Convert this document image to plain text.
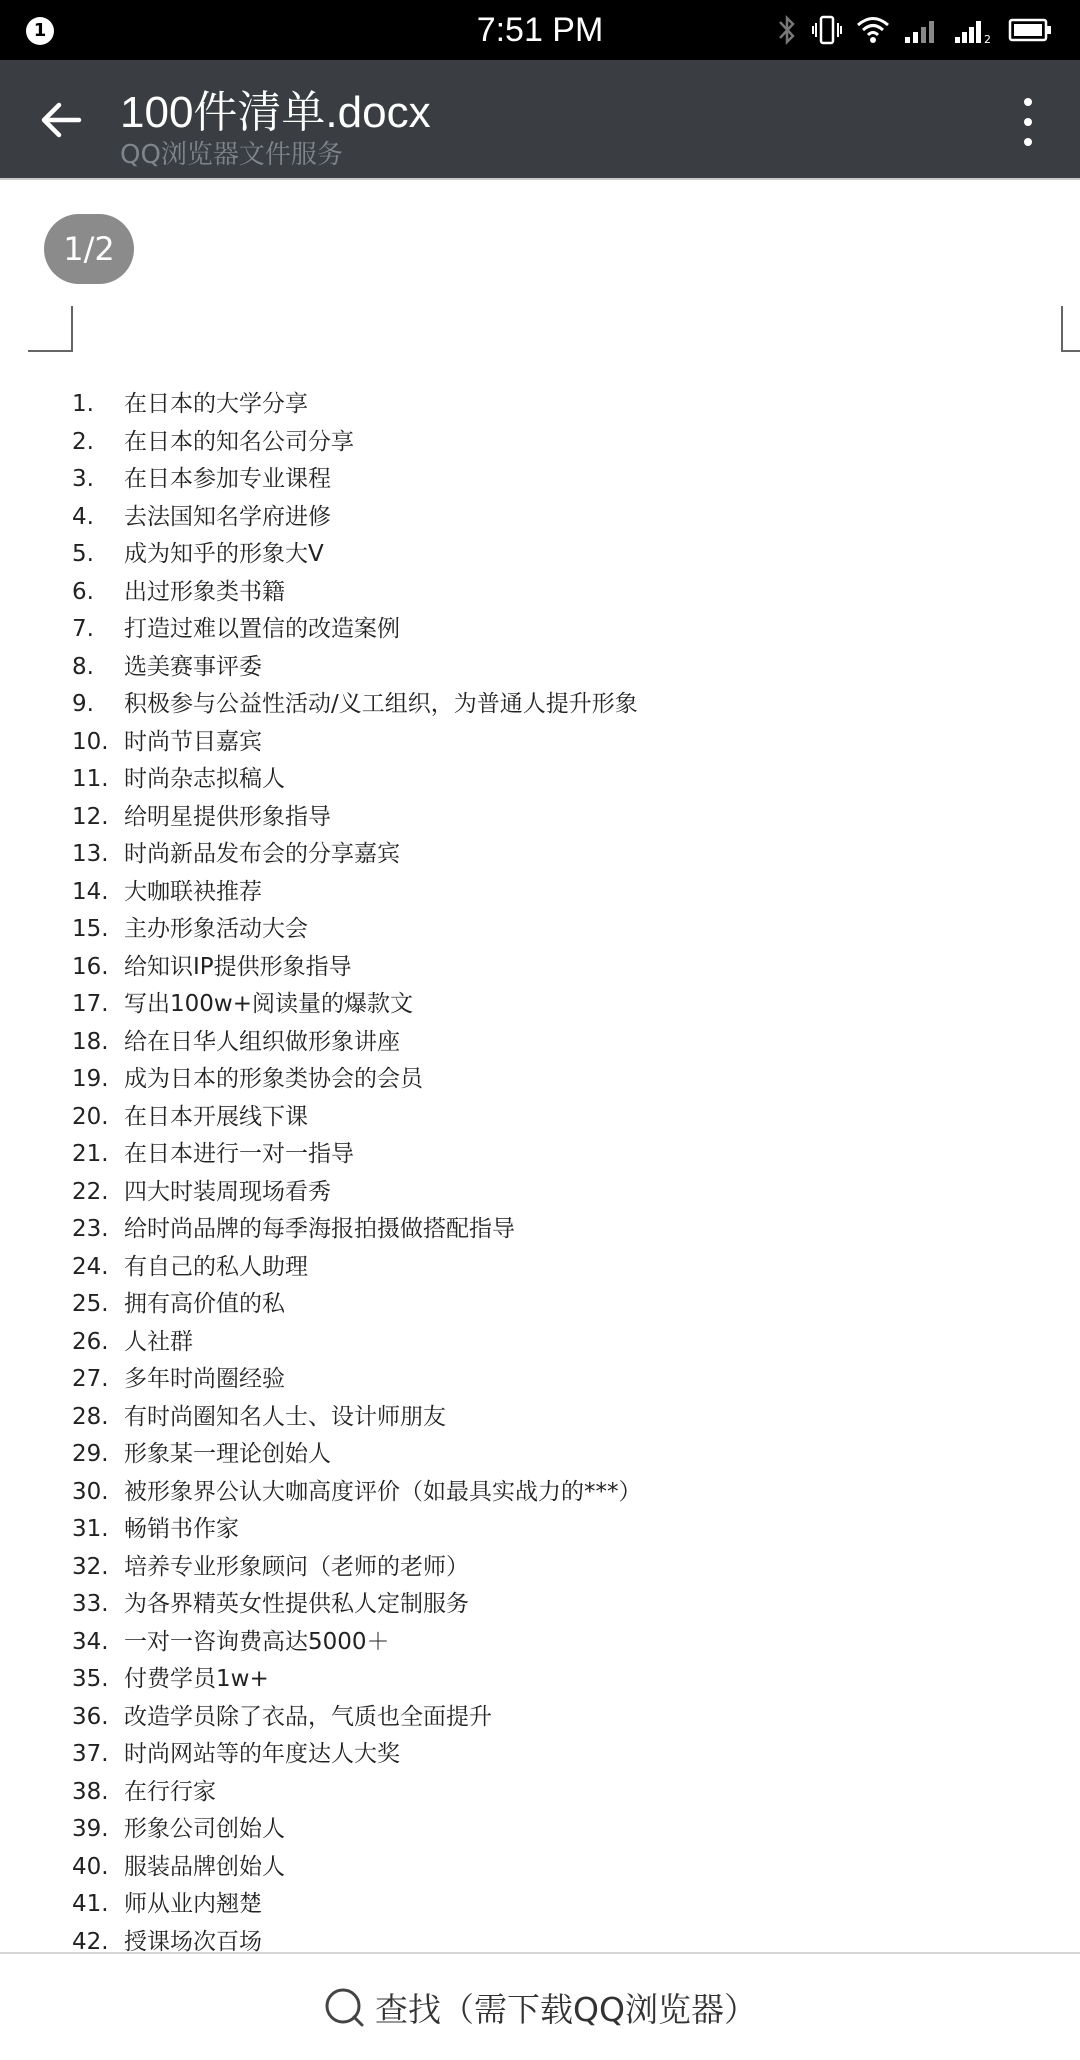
1	7:51 PM	2
100件清单.docx
QQ浏览器文件服务
1/2
1.	在日本的大学分享
2.	在日本的知名公司分享
3.	在日本参加专业课程
4.	去法国知名学府进修
5.	成为知乎的形象大V
6.	出过形象类书籍
7.	打造过难以置信的改造案例
8.	选美赛事评委
9.	积极参与公益性活动/义工组织，为普通人提升形象
10. 时尚节目嘉宾
11. 时尚杂志拟稿人
12. 给明星提供形象指导
13. 时尚新品发布会的分享嘉宾
14. 大咖联袂推荐
15. 主办形象活动大会
16. 给知识IP提供形象指导
17. 写出100w+阅读量的爆款文
18. 给在日华人组织做形象讲座
19. 成为日本的形象类协会的会员
20. 在日本开展线下课
21. 在日本进行一对一指导
22. 四大时装周现场看秀
23. 给时尚品牌的每季海报拍摄做搭配指导
24. 有自己的私人助理
25. 拥有高价值的私
26. 人社群
27. 多年时尚圈经验
28. 有时尚圈知名人士、设计师朋友
29. 形象某一理论创始人
30. 被形象界公认大咖高度评价（如最具实战力的***）
31. 畅销书作家
32. 培养专业形象顾问（老师的老师）
33. 为各界精英女性提供私人定制服务
34. 一对一咨询费高达5000＋
35. 付费学员1w+
36. 改造学员除了衣品，气质也全面提升
37. 时尚网站等的年度达人大奖
38. 在行行家
39. 形象公司创始人
40. 服装品牌创始人
41. 师从业内翘楚
42. 授课场次百场
查找（需下载QQ浏览器）
